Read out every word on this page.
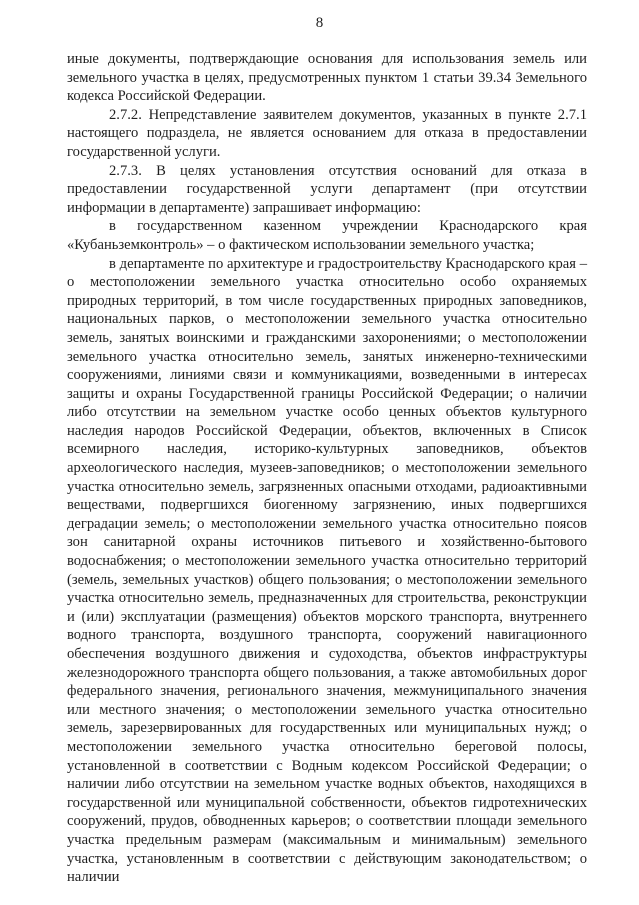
8

иные документы, подтверждающие основания для использования земель или земельного участка в целях, предусмотренных пунктом 1 статьи 39.34 Земельного кодекса Российской Федерации.

2.7.2. Непредставление заявителем документов, указанных в пункте 2.7.1 настоящего подраздела, не является основанием для отказа в предоставлении государственной услуги.

2.7.3. В целях установления отсутствия оснований для отказа в предоставлении государственной услуги департамент (при отсутствии информации в департаменте) запрашивает информацию:

в государственном казенном учреждении Краснодарского края «Кубаньземконтроль» – о фактическом использовании земельного участка;

в департаменте по архитектуре и градостроительству Краснодарского края – о местоположении земельного участка относительно особо охраняемых природных территорий, в том числе государственных природных заповедников, национальных парков, о местоположении земельного участка относительно земель, занятых воинскими и гражданскими захоронениями; о местоположении земельного участка относительно земель, занятых инженерно-техническими сооружениями, линиями связи и коммуникациями, возведенными в интересах защиты и охраны Государственной границы Российской Федерации; о наличии либо отсутствии на земельном участке особо ценных объектов культурного наследия народов Российской Федерации, объектов, включенных в Список всемирного наследия, историко-культурных заповедников, объектов археологического наследия, музеев-заповедников; о местоположении земельного участка относительно земель, загрязненных опасными отходами, радиоактивными веществами, подвергшихся биогенному загрязнению, иных подвергшихся деградации земель; о местоположении земельного участка относительно поясов зон санитарной охраны источников питьевого и хозяйственно-бытового водоснабжения; о местоположении земельного участка относительно территорий (земель, земельных участков) общего пользования; о местоположении земельного участка относительно земель, предназначенных для строительства, реконструкции и (или) эксплуатации (размещения) объектов морского транспорта, внутреннего водного транспорта, воздушного транспорта, сооружений навигационного обеспечения воздушного движения и судоходства, объектов инфраструктуры железнодорожного транспорта общего пользования, а также автомобильных дорог федерального значения, регионального значения, межмуниципального значения или местного значения; о местоположении земельного участка относительно земель, зарезервированных для государственных или муниципальных нужд; о местоположении земельного участка относительно береговой полосы, установленной в соответствии с Водным кодексом Российской Федерации; о наличии либо отсутствии на земельном участке водных объектов, находящихся в государственной или муниципальной собственности, объектов гидротехнических сооружений, прудов, обводненных карьеров; о соответствии площади земельного участка предельным размерам (максимальным и минимальным) земельного участка, установленным в соответствии с действующим законодательством; о наличии
